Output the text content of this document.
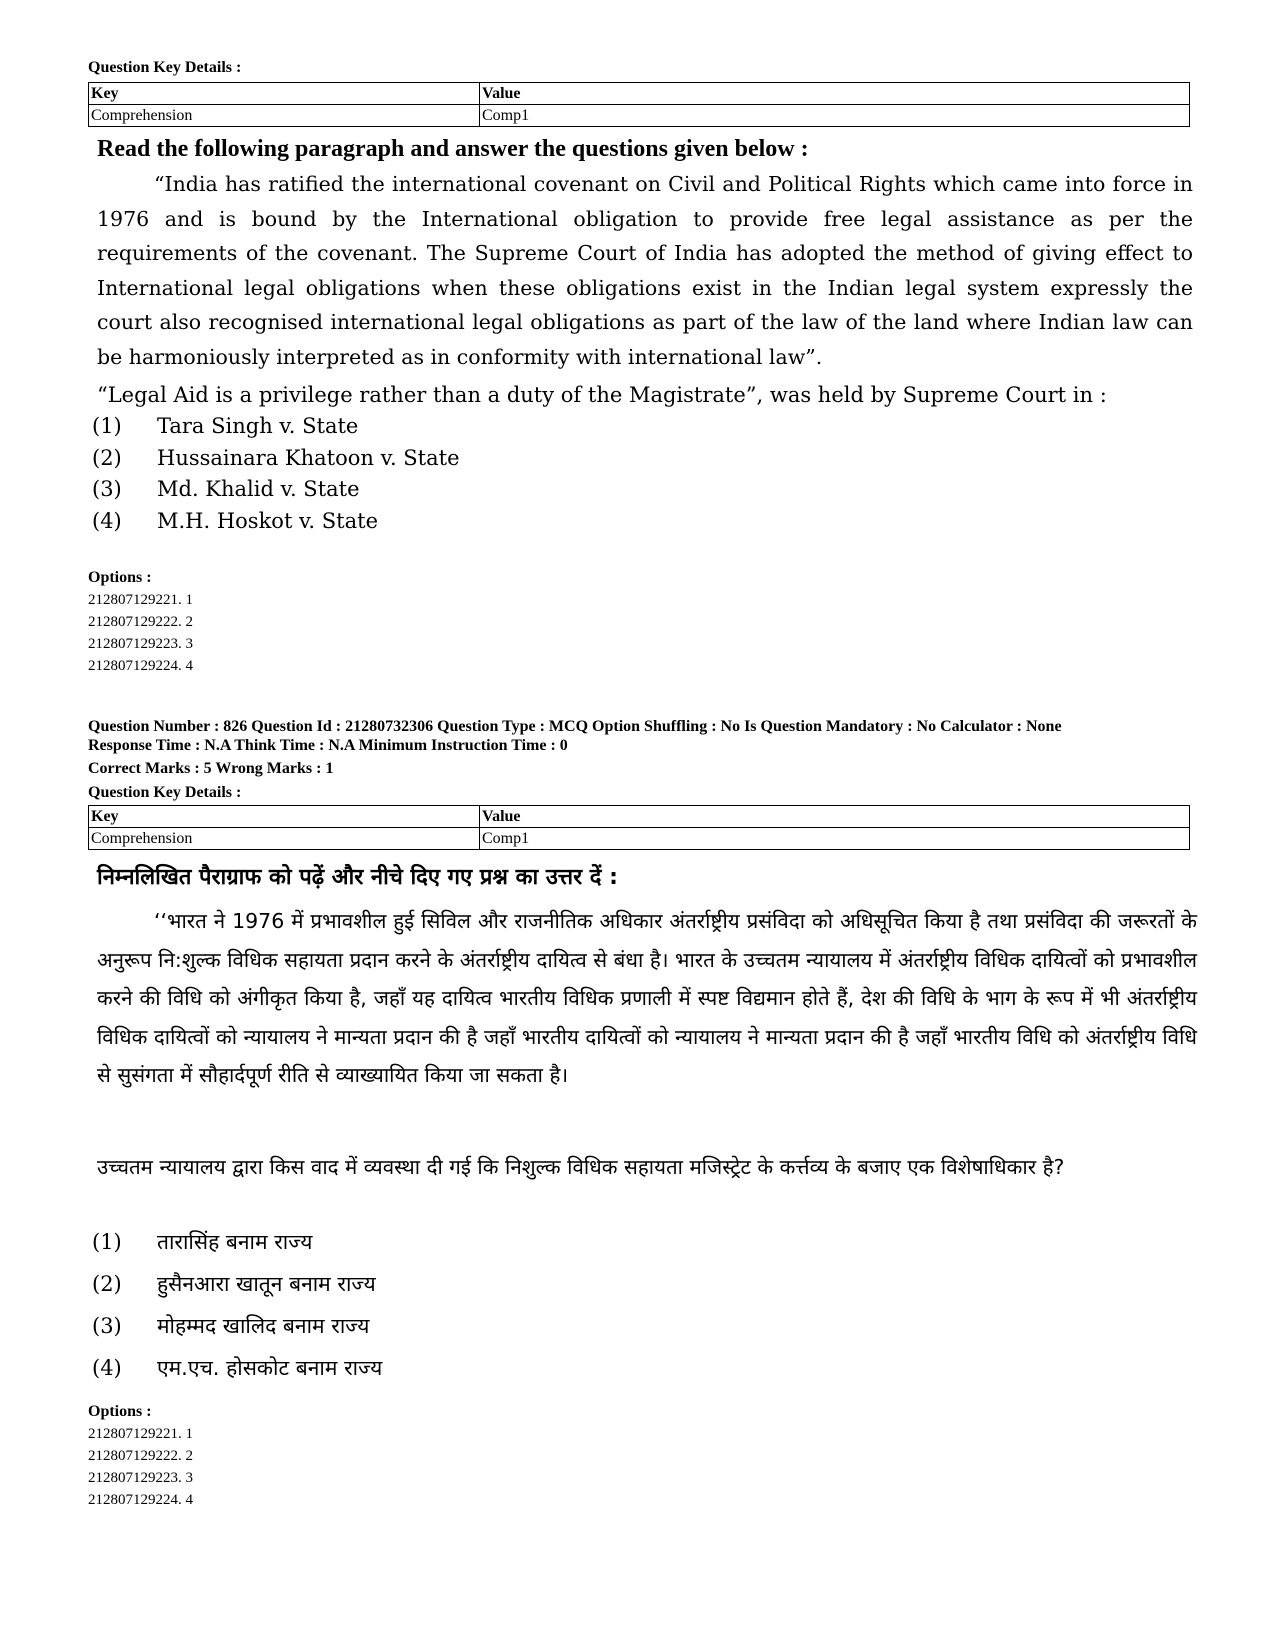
Question Key Details :
Key	Value
Comprehension	Comp1
Read the following paragraph and answer the questions given below :
“India has ratified the international covenant on Civil and Political Rights which came into force in 1976 and is bound by the International obligation to provide free legal assistance as per the requirements of the covenant. The Supreme Court of India has adopted the method of giving effect to International legal obligations when these obligations exist in the Indian legal system expressly the court also recognised international legal obligations as part of the law of the land where Indian law can be harmoniously interpreted as in conformity with international law”.
“Legal Aid is a privilege rather than a duty of the Magistrate”, was held by Supreme Court in :
(1) Tara Singh v. State
(2) Hussainara Khatoon v. State
(3) Md. Khalid v. State
(4) M.H. Hoskot v. State
Options :
212807129221. 1
212807129222. 2
212807129223. 3
212807129224. 4
Question Number : 826 Question Id : 21280732306 Question Type : MCQ Option Shuffling : No Is Question Mandatory : No Calculator : None
Response Time : N.A Think Time : N.A Minimum Instruction Time : 0
Correct Marks : 5 Wrong Marks : 1
Question Key Details :
Key	Value
Comprehension	Comp1
निम्नलिखित पैराग्राफ को पढ़ें और नीचे दिए गए प्रश्न का उत्तर दें :
‘‘भारत ने 1976 में प्रभावशील हुई सिविल और राजनीतिक अधिकार अंतर्राष्ट्रीय प्रसंविदा को अधिसूचित किया है तथा प्रसंविदा की जरूरतों के अनुरूप नि:शुल्क विधिक सहायता प्रदान करने के अंतर्राष्ट्रीय दायित्व से बंधा है। भारत के उच्चतम न्यायालय में अंतर्राष्ट्रीय विधिक दायित्वों को प्रभावशील करने की विधि को अंगीकृत किया है, जहाँ यह दायित्व भारतीय विधिक प्रणाली में स्पष्ट विद्यमान होते हैं, देश की विधि के भाग के रूप में भी अंतर्राष्ट्रीय विधिक दायित्वों को न्यायालय ने मान्यता प्रदान की है जहाँ भारतीय दायित्वों को न्यायालय ने मान्यता प्रदान की है जहाँ भारतीय विधि को अंतर्राष्ट्रीय विधि से सुसंगता में सौहार्दपूर्ण रीति से व्याख्यायित किया जा सकता है।
उच्चतम न्यायालय द्वारा किस वाद में व्यवस्था दी गई कि निशुल्क विधिक सहायता मजिस्ट्रेट के कर्त्तव्य के बजाए एक विशेषाधिकार है?
(1) तारासिंह बनाम राज्य
(2) हुसैनआरा खातून बनाम राज्य
(3) मोहम्मद खालिद बनाम राज्य
(4) एम.एच. होसकोट बनाम राज्य
Options :
212807129221. 1
212807129222. 2
212807129223. 3
212807129224. 4
